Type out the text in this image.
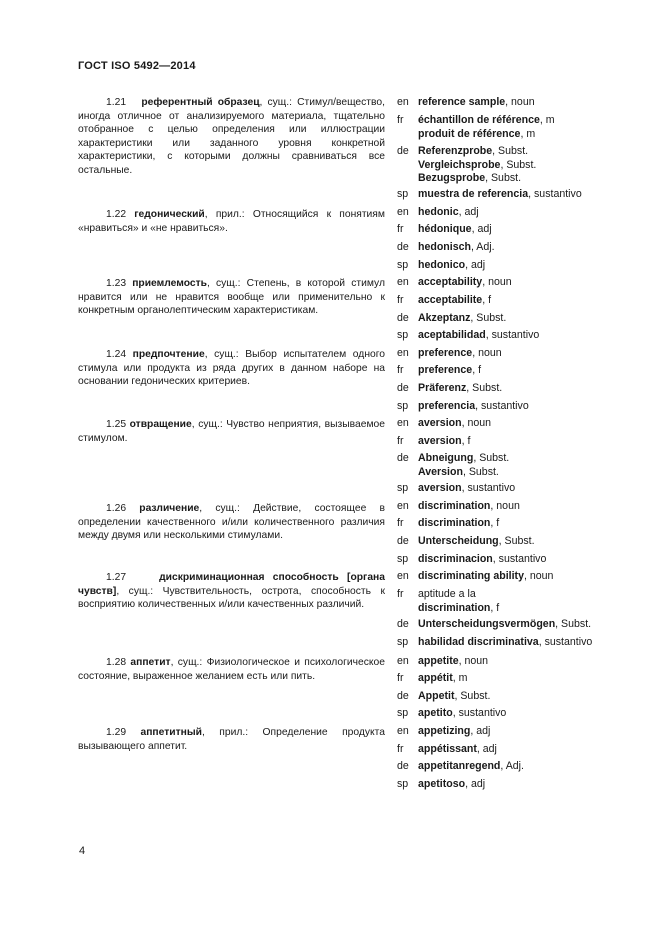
ГОСТ ISO 5492—2014
1.21 референтный образец, сущ.: Стимул/вещество, иногда отличное от анализируемого материала, тщательно отобранное с целью определения или иллюстрации характеристики или заданного уровня конкретной характеристики, с которыми должны сравниваться все остальные.
1.22 гедонический, прил.: Относящийся к понятиям «нравиться» и «не нравиться».
1.23 приемлемость, сущ.: Степень, в которой стимул нравится или не нравится вообще или применительно к конкретным органолептическим характеристикам.
1.24 предпочтение, сущ.: Выбор испытателем одного стимула или продукта из ряда других в данном наборе на основании гедонических критериев.
1.25 отвращение, сущ.: Чувство неприятия, вызываемое стимулом.
1.26 различение, сущ.: Действие, состоящее в определении качественного и/или количественного различия между двумя или несколькими стимулами.
1.27	дискриминационная способность [органа чувств], сущ.: Чувствительность, острота, способность к восприятию количественных и/или качественных различий.
1.28 аппетит, сущ.: Физиологическое и психологическое состояние, выраженное желанием есть или пить.
1.29 аппетитный, прил.: Определение продукта вызывающего аппетит.
en reference sample, noun
fr	échantillon de référence, m
produit de référence, m
de Referenzprobe, Subst.
Vergleichsprobe, Subst.
Bezugsprobe, Subst.
sp muestra de referencia, sustantivo
en hedonic, adj
fr	hédonique, adj
de hedonisch, Adj.
sp hedonico, adj
en acceptability, noun
fr	acceptabilite, f
de Akzeptanz, Subst.
sp aceptabilidad, sustantivo
en preference, noun
fr	preference, f
de Präferenz, Subst.
sp preferencia, sustantivo
en aversion, noun
fr	aversion, f
de Abneigung, Subst.
Aversion, Subst.
sp aversion, sustantivo
en discrimination, noun
fr	discrimination, f
de Unterscheidung, Subst.
sp discriminacion, sustantivo
en discriminating ability, noun
fr	aptitude a la
discrimination, f
de Unterscheidungsvermögen, Subst.
sp habilidad discriminativa, sustantivo
en appetite, noun
fr	appétit, m
de Appetit, Subst.
sp apetito, sustantivo
en appetizing, adj
fr	appétissant, adj
de appetitanregend, Adj.
sp apetitoso, adj
4
